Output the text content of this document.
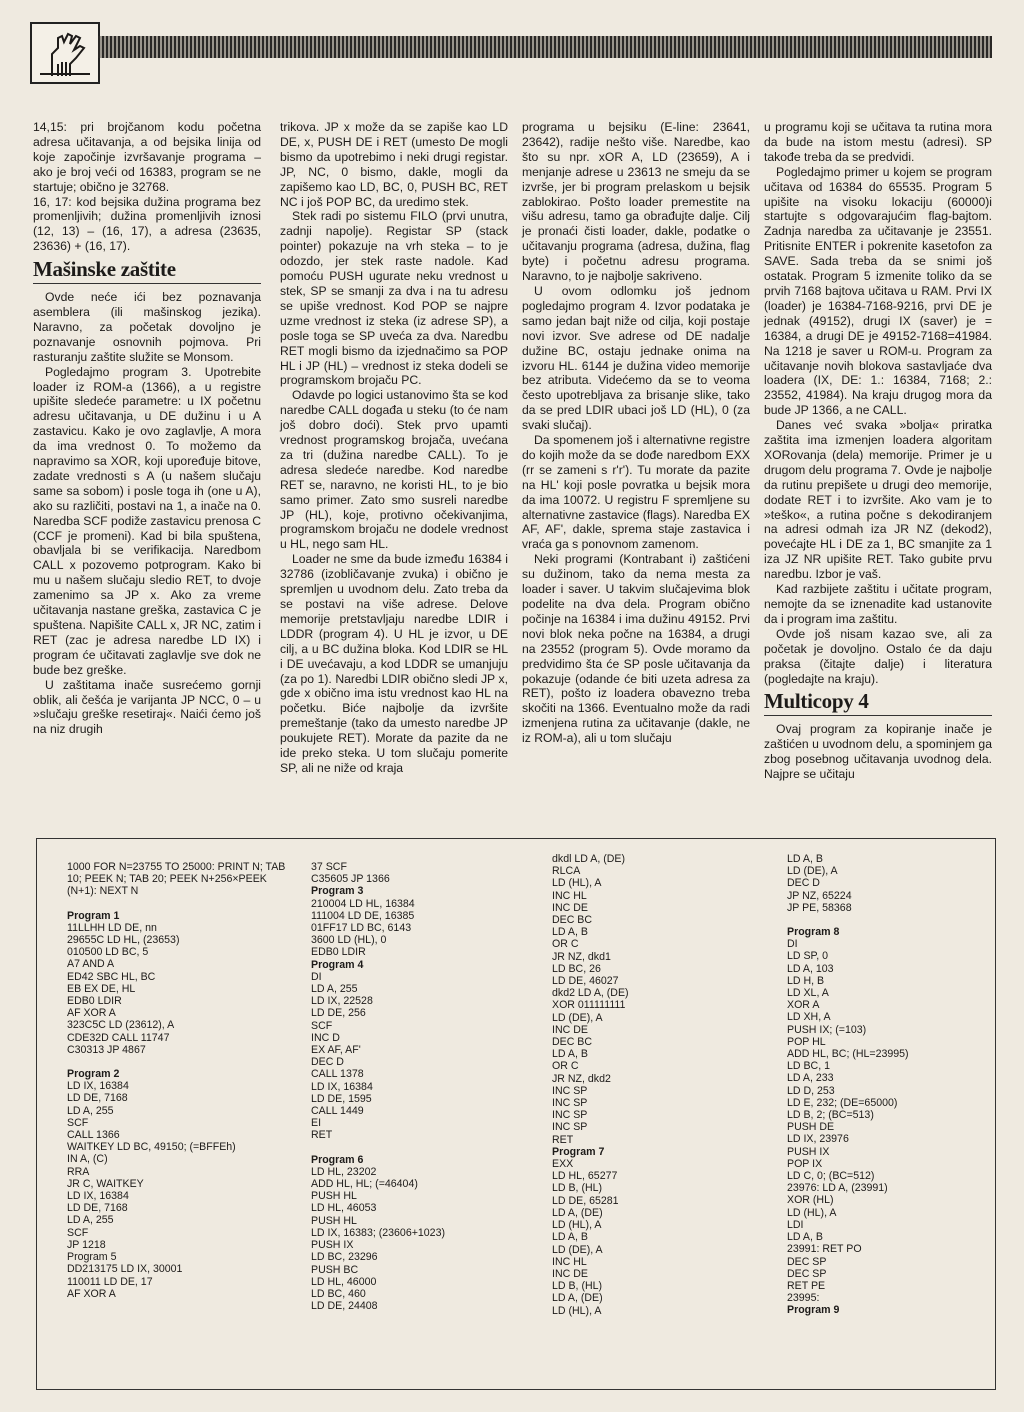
14,15: pri brojčanom kodu početna adresa učitavanja, a od bejsika linija od koje započinje izvršavanje programa – ako je broj veći od 16383, program se ne startuje; obično je 32768.

16, 17: kod bejsika dužina programa bez promenljivih; dužina promenljivih iznosi (12, 13) – (16, 17), a adresa (23635, 23636) + (16, 17).

Mašinske zaštite

Ovde neće ići bez poznavanja asemblera (ili mašinskog jezika). Naravno, za početak dovoljno je poznavanje osnovnih pojmova. Pri rasturanju zaštite služite se Monsom.

Pogledajmo program 3. Upotrebite loader iz ROM-a (1366), a u registre upišite sledeće parametre: u IX početnu adresu učitavanja, u DE dužinu i u A zastavicu. Kako je ovo zaglavlje, A mora da ima vrednost 0. To možemo da napravimo sa XOR, koji upoređuje bitove, zadate vrednosti s A (u našem slučaju same sa sobom) i posle toga ih (one u A), ako su različiti, postavi na 1, a inače na 0. Naredba SCF podiže zastavicu prenosa C (CCF je promeni). Kad bi bila spuštena, obavljala bi se verifikacija. Naredbom CALL x pozovemo potprogram. Kako bi mu u našem slučaju sledio RET, to dvoje zamenimo sa JP x. Ako za vreme učitavanja nastane greška, zastavica C je spuštena. Napišite CALL x, JR NC, zatim i RET (zac je adresa naredbe LD IX) i program će učitavati zaglavlje sve dok ne bude bez greške.

U zaštitama inače susrećemo gornji oblik, ali češća je varijanta JP NCC, 0 – u »slučaju greške resetiraj«. Naići ćemo još na niz drugih

trikova. JP x može da se zapiše kao LD DE, x, PUSH DE i RET (umesto De mogli bismo da upotrebimo i neki drugi registar. JP, NC, 0 bismo, dakle, mogli da zapišemo kao LD, BC, 0, PUSH BC, RET NC i još POP BC, da uredimo stek.

Stek radi po sistemu FILO (prvi unutra, zadnji napolje). Registar SP (stack pointer) pokazuje na vrh steka – to je odozdo, jer stek raste nadole. Kad pomoću PUSH ugurate neku vrednost u stek, SP se smanji za dva i na tu adresu se upiše vrednost. Kod POP se najpre uzme vrednost iz steka (iz adrese SP), a posle toga se SP uveća za dva. Naredbu RET mogli bismo da izjednačimo sa POP HL i JP (HL) – vrednost iz steka dodeli se programskom brojaču PC.

Odavde po logici ustanovimo šta se kod naredbe CALL događa u steku (to će nam još dobro doći). Stek prvo upamti vrednost programskog brojača, uvećana za tri (dužina naredbe CALL). To je adresa sledeće naredbe. Kod naredbe RET se, naravno, ne koristi HL, to je bio samo primer. Zato smo susreli naredbe JP (HL), koje, protivno očekivanjima, programskom brojaču ne dodele vrednost u HL, nego sam HL.

Loader ne sme da bude između 16384 i 32786 (izobličavanje zvuka) i obično je spremljen u uvodnom delu. Zato treba da se postavi na više adrese. Delove memorije pretstavljaju naredbe LDIR i LDDR (program 4). U HL je izvor, u DE cilj, a u BC dužina bloka. Kod LDIR se HL i DE uvećavaju, a kod LDDR se umanjuju (za po 1). Naredbi LDIR obično sledi JP x, gde x obično ima istu vrednost kao HL na početku. Biće najbolje da izvršite premeštanje (tako da umesto naredbe JP poukujete RET). Morate da pazite da ne ide preko steka. U tom slučaju pomerite SP, ali ne niže od kraja

programa u bejsiku (E-line: 23641, 23642), radije nešto više. Naredbe, kao što su npr. xOR A, LD (23659), A i menjanje adrese u 23613 ne smeju da se izvrše, jer bi program prelaskom u bejsik zablokirao. Pošto loader premestite na višu adresu, tamo ga obrađujte dalje. Cilj je pronaći čisti loader, dakle, podatke o učitavanju programa (adresa, dužina, flag byte) i početnu adresu programa. Naravno, to je najbolje sakriveno.

U ovom odlomku još jednom pogledajmo program 4. Izvor podataka je samo jedan bajt niže od cilja, koji postaje novi izvor. Sve adrese od DE nadalje dužine BC, ostaju jednake onima na izvoru HL. 6144 je dužina video memorije bez atributa. Videćemo da se to veoma često upotrebljava za brisanje slike, tako da se pred LDIR ubaci još LD (HL), 0 (za svaki slučaj).

Da spomenem još i alternativne registre do kojih može da se dođe naredbom EXX (rr se zameni s r'r'). Tu morate da pazite na HL' koji posle povratka u bejsik mora da ima 10072. U registru F spremljene su alternativne zastavice (flags). Naredba EX AF, AF', dakle, sprema staje zastavica i vraća ga s ponovnom zamenom.

Neki programi (Kontrabant i) zaštićeni su dužinom, tako da nema mesta za loader i saver. U takvim slučajevima blok podelite na dva dela. Program obično počinje na 16384 i ima dužinu 49152. Prvi novi blok neka počne na 16384, a drugi na 23552 (program 5). Ovde moramo da predvidimo šta će SP posle učitavanja da pokazuje (odande će biti uzeta adresa za RET), pošto iz loadera obavezno treba skočiti na 1366. Eventualno može da radi izmenjena rutina za učitavanje (dakle, ne iz ROM-a), ali u tom slučaju

u programu koji se učitava ta rutina mora da bude na istom mestu (adresi). SP takođe treba da se predvidi.

Pogledajmo primer u kojem se program učitava od 16384 do 65535. Program 5 upišite na visoku lokaciju (60000)i startujte s odgovarajućim flag-bajtom. Zadnja naredba za učitavanje je 23551. Pritisnite ENTER i pokrenite kasetofon za SAVE. Sada treba da se snimi još ostatak. Program 5 izmenite toliko da se prvih 7168 bajtova učitava u RAM. Prvi IX (loader) je 16384-7168-9216, prvi DE je jednak (49152), drugi IX (saver) je = 16384, a drugi DE je 49152-7168=41984. Na 1218 je saver u ROM-u. Program za učitavanje novih blokova sastavljaće dva loadera (IX, DE: 1.: 16384, 7168; 2.: 23552, 41984). Na kraju drugog mora da bude JP 1366, a ne CALL.

Danes već svaka »bolja« priratka zaštita ima izmenjen loadera algoritam XORovanja (dela) memorije. Primer je u drugom delu programa 7. Ovde je najbolje da rutinu prepišete u drugi deo memorije, dodate RET i to izvršite. Ako vam je to »teško«, a rutina počne s dekodiranjem na adresi odmah iza JR NZ (dekod2), povećajte HL i DE za 1, BC smanjite za 1 iza JZ NR upišite RET. Tako gubite prvu naredbu. Izbor je vaš.

Kad razbijete zaštitu i učitate program, nemojte da se iznenadite kad ustanovite da i program ima zaštitu.

Ovde još nisam kazao sve, ali za početak je dovoljno. Ostalo će da daju praksa (čitajte dalje) i literatura (pogledajte na kraju).

Multicopy 4

Ovaj program za kopiranje inače je zaštićen u uvodnom delu, a spominjem ga zbog posebnog učitavanja uvodnog dela. Najpre se učitaju

1000 FOR N=23755 TO 25000: PRINT N; TAB 10; PEEK N; TAB 20; PEEK N+256×PEEK (N+1): NEXT N
Program 1
11LLHH LD DE, nn
29655C LD HL, (23653)
010500 LD BC, 5
A7 AND A
ED42 SBC HL, BC
EB EX DE, HL
EDB0 LDIR
AF XOR A
323C5C LD (23612), A
CDE32D CALL 11747
C30313 JP 4867
Program 2
LD IX, 16384
LD DE, 7168
LD A, 255
SCF
CALL 1366
WAITKEY LD BC, 49150; (=BFFEh)
IN A, (C)
RRA
JR C, WAITKEY
LD IX, 16384
LD DE, 7168
LD A, 255
SCF
JP 1218
Program 5
DD213175 LD IX, 30001
110011 LD DE, 17
AF XOR A
37 SCF
C35605 JP 1366
Program 3
210004 LD HL, 16384
111004 LD DE, 16385
01FF17 LD BC, 6143
3600 LD (HL), 0
EDB0 LDIR
Program 4
DI
LD A, 255
LD IX, 22528
LD DE, 256
SCF
INC D
EX AF, AF'
DEC D
CALL 1378
LD IX, 16384
LD DE, 1595
CALL 1449
EI
RET
Program 6
LD HL, 23202
ADD HL, HL; (=46404)
PUSH HL
LD HL, 46053
PUSH HL
LD IX, 16383; (23606+1023)
PUSH IX
LD BC, 23296
PUSH BC
LD HL, 46000
LD BC, 460
LD DE, 24408
dkdl LD A, (DE)
RLCA
LD (HL), A
INC HL
INC DE
DEC BC
LD A, B
OR C
JR NZ, dkd1
LD BC, 26
LD DE, 46027
dkd2 LD A, (DE)
XOR 011111111
LD (DE), A
INC DE
DEC BC
LD A, B
OR C
JR NZ, dkd2
INC SP
INC SP
INC SP
INC SP
RET
Program 7
EXX
LD HL, 65277
LD B, (HL)
LD DE, 65281
LD A, (DE)
LD (HL), A
LD A, B
LD (DE), A
INC HL
INC DE
LD B, (HL)
LD A, (DE)
LD (HL), A
LD A, B
LD (DE), A
DEC D
JP NZ, 65224
JP PE, 58368
Program 8
DI
LD SP, 0
LD A, 103
LD H, B
LD XL, A
XOR A
LD XH, A
PUSH IX; (=103)
POP HL
ADD HL, BC; (HL=23995)
LD BC, 1
LD A, 233
LD D, 253
LD E, 232; (DE=65000)
LD B, 2; (BC=513)
PUSH DE
LD IX, 23976
PUSH IX
POP IX
LD C, 0; (BC=512)
23976: LD A, (23991)
XOR (HL)
LD (HL), A
LDI
LD A, B
23991: RET PO
DEC SP
DEC SP
RET PE
23995:
Program 9
